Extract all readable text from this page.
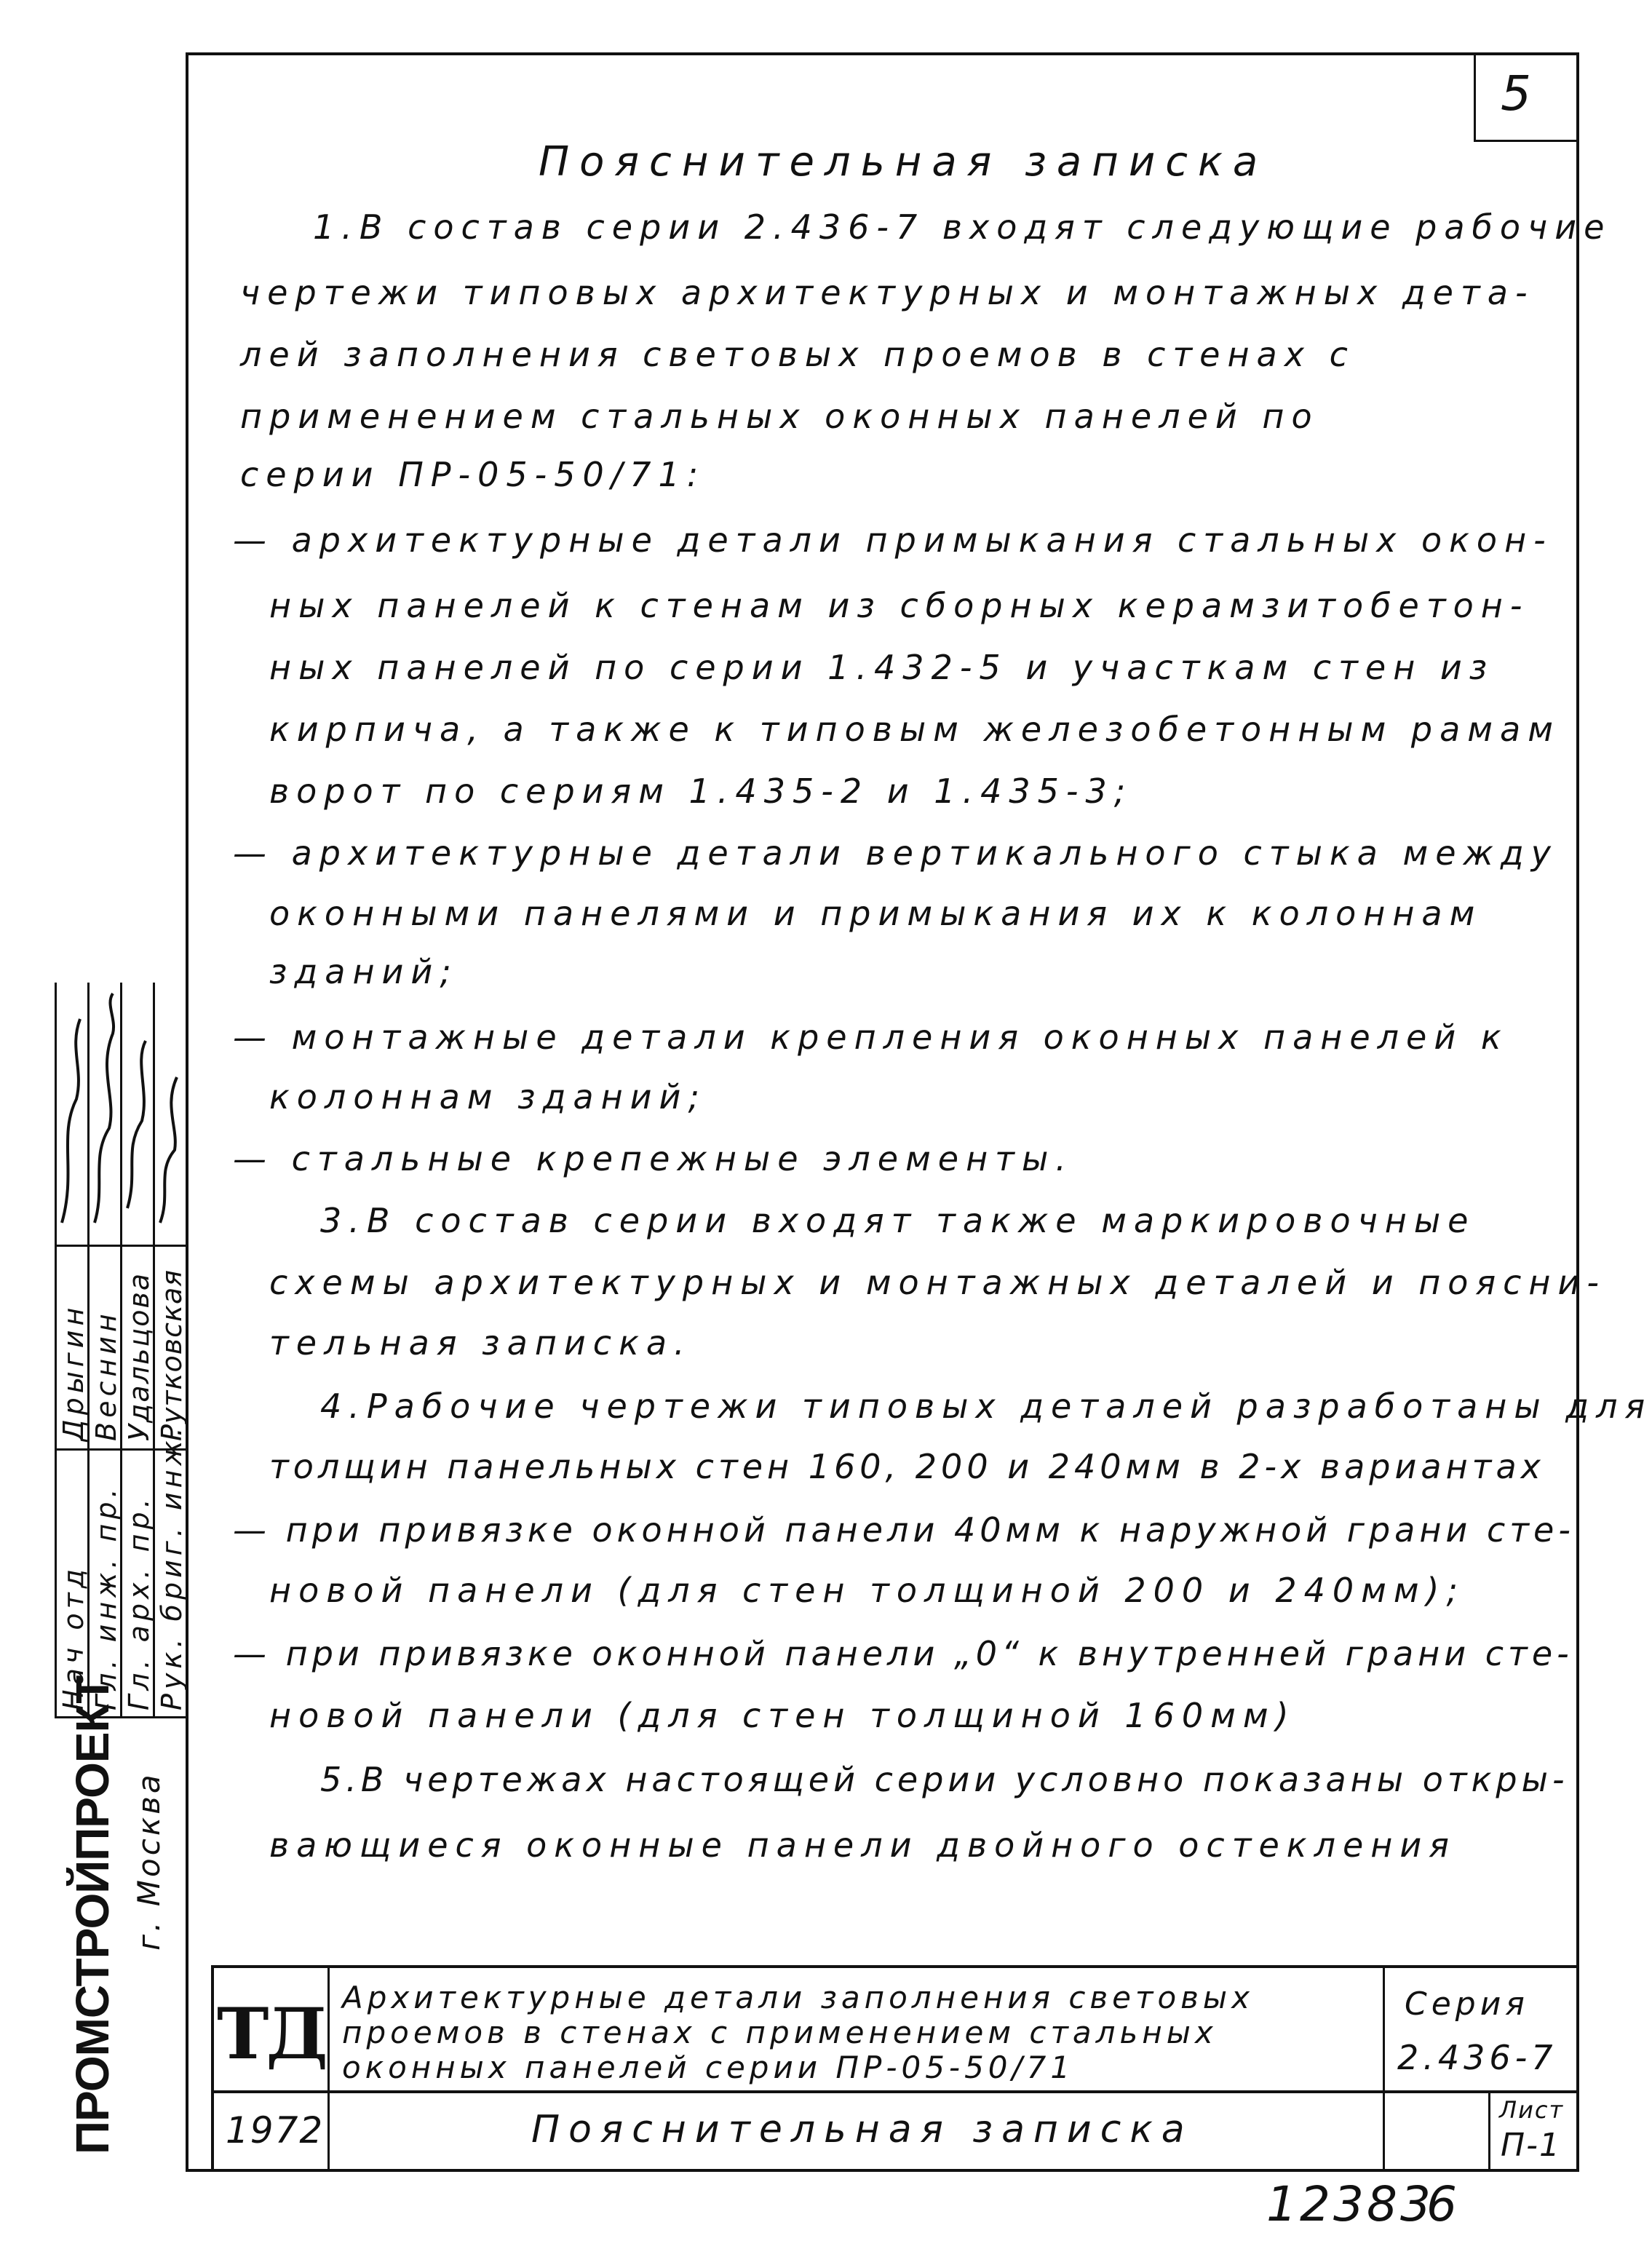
5
Пояснительная записка
1.В состав серии 2.436-7 входят следующие рабочие
чертежи типовых архитектурных и монтажных дета-
лей заполнения световых проемов в стенах с
применением стальных оконных панелей по
серии ПР-05-50/71:
— архитектурные детали примыкания стальных окон-
ных панелей к стенам из сборных керамзитобетон-
ных панелей по серии 1.432-5 и участкам стен из
кирпича, а также к типовым железобетонным рамам
ворот по сериям 1.435-2 и 1.435-3;
— архитектурные детали вертикального стыка между
оконными панелями и примыкания их к колоннам
зданий;
— монтажные детали крепления оконных панелей к
колоннам зданий;
— стальные крепежные элементы.
3.В состав серии входят также маркировочные
схемы архитектурных и монтажных деталей и поясни-
тельная записка.
4.Рабочие чертежи типовых деталей разработаны для
толщин панельных стен 160, 200 и 240мм в 2-х вариантах
— при привязке оконной панели 40мм к наружной грани сте-
новой панели (для стен толщиной 200 и 240мм);
— при привязке оконной панели „0“ к внутренней грани сте-
новой панели (для стен толщиной 160мм)
5.В чертежах настоящей серии условно показаны откры-
вающиеся оконные панели двойного остекления
Нач отд Гл. инж. пр. Гл. арх. пр. Рук. бриг. инж.
Дрыгин Веснин Удальцова Рутковская
ПРОМСТРОЙПРОЕКТ г. Москва
ТД Архитектурные детали заполнения световых
проемов в стенах с применением стальных
оконных панелей серии ПР-05-50/71
Серия
2.436-7
1972	Пояснительная записка	Лист
П-1
12383
6
